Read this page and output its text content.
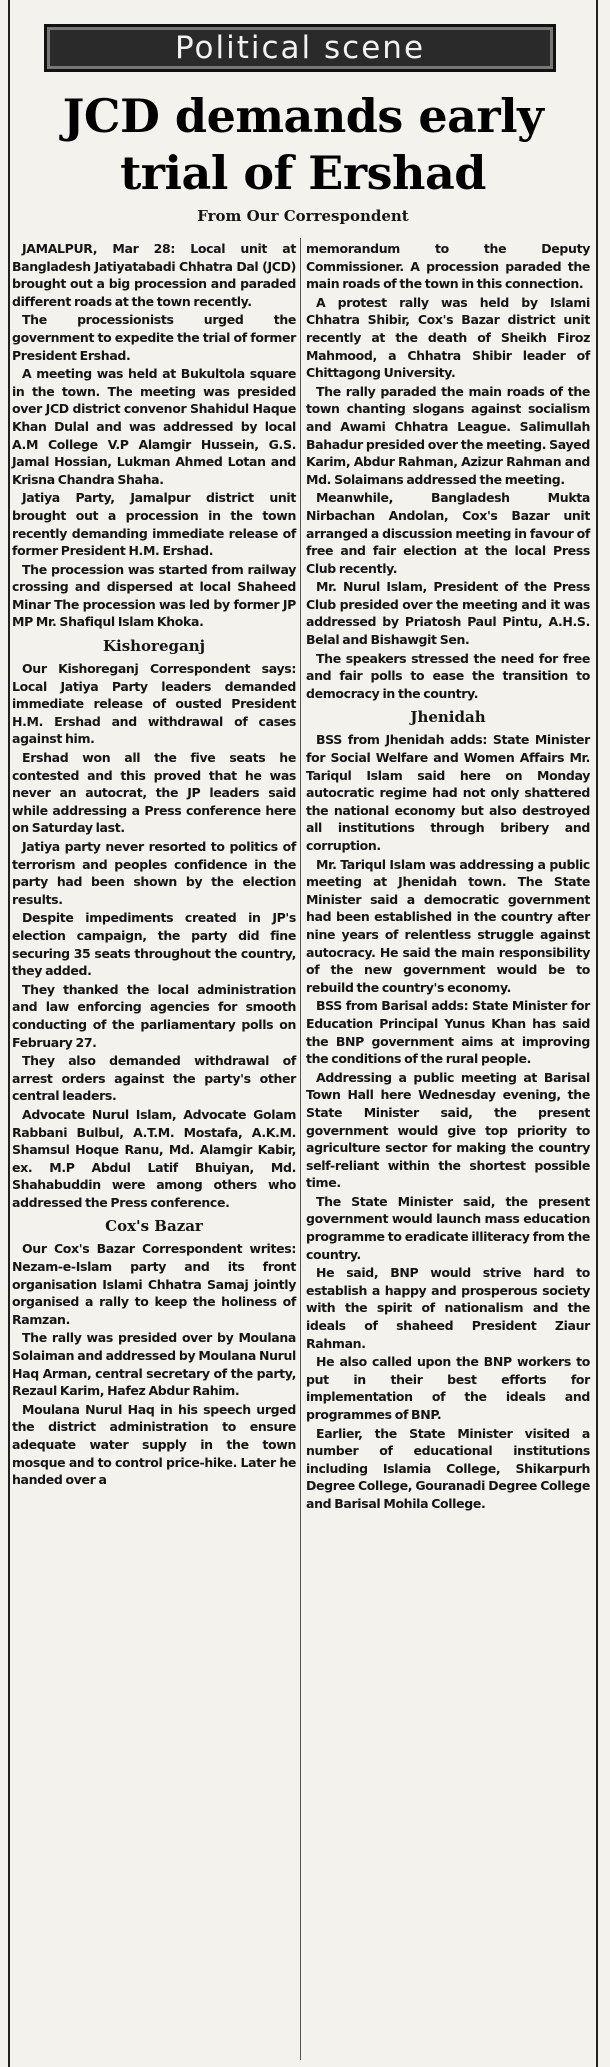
Political scene
JCD demands early trial of Ershad
From Our Correspondent

JAMALPUR, Mar 28: Local unit at Bangladesh Jatiyatabadi Chhatra Dal (JCD) brought out a big procession and paraded different roads at the town recently.

The processionists urged the government to expedite the trial of former President Ershad.

A meeting was held at Bukultola square in the town. The meeting was presided over JCD district convenor Shahidul Haque Khan Dulal and was addressed by local A.M College V.P Alamgir Hussein, G.S. Jamal Hossian, Lukman Ahmed Lotan and Krisna Chandra Shaha.

Jatiya Party, Jamalpur district unit brought out a procession in the town recently demanding immediate release of former President H.M. Ershad.

The procession was started from railway crossing and dispersed at local Shaheed Minar The procession was led by former JP MP Mr. Shafiqul Islam Khoka.

Kishoreganj

Our Kishoreganj Correspondent says: Local Jatiya Party leaders demanded immediate release of ousted President H.M. Ershad and withdrawal of cases against him.

Ershad won all the five seats he contested and this proved that he was never an autocrat, the JP leaders said while addressing a Press conference here on Saturday last.

Jatiya party never resorted to politics of terrorism and peoples confidence in the party had been shown by the election results.

Despite impediments created in JP's election campaign, the party did fine securing 35 seats throughout the country, they added.

They thanked the local administration and law enforcing agencies for smooth conducting of the parliamentary polls on February 27.

They also demanded withdrawal of arrest orders against the party's other central leaders.

Advocate Nurul Islam, Advocate Golam Rabbani Bulbul, A.T.M. Mostafa, A.K.M. Shamsul Hoque Ranu, Md. Alamgir Kabir, ex. M.P Abdul Latif Bhuiyan, Md. Shahabuddin were among others who addressed the Press conference.

Cox's Bazar

Our Cox's Bazar Correspondent writes: Nezam-e-Islam party and its front organisation Islami Chhatra Samaj jointly organised a rally to keep the holiness of Ramzan.

The rally was presided over by Moulana Solaiman and addressed by Moulana Nurul Haq Arman, central secretary of the party, Rezaul Karim, Hafez Abdur Rahim.

Moulana Nurul Haq in his speech urged the district administration to ensure adequate water supply in the town mosque and to control price-hike. Later he handed over a

memorandum to the Deputy Commissioner. A procession paraded the main roads of the town in this connection.

A protest rally was held by Islami Chhatra Shibir, Cox's Bazar district unit recently at the death of Sheikh Firoz Mahmood, a Chhatra Shibir leader of Chittagong University.

The rally paraded the main roads of the town chanting slogans against socialism and Awami Chhatra League. Salimullah Bahadur presided over the meeting. Sayed Karim, Abdur Rahman, Azizur Rahman and Md. Solaimans addressed the meeting.

Meanwhile, Bangladesh Mukta Nirbachan Andolan, Cox's Bazar unit arranged a discussion meeting in favour of free and fair election at the local Press Club recently.

Mr. Nurul Islam, President of the Press Club presided over the meeting and it was addressed by Priatosh Paul Pintu, A.H.S. Belal and Bishawgit Sen.

The speakers stressed the need for free and fair polls to ease the transition to democracy in the country.

Jhenidah

BSS from Jhenidah adds: State Minister for Social Welfare and Women Affairs Mr. Tariqul Islam said here on Monday autocratic regime had not only shattered the national economy but also destroyed all institutions through bribery and corruption.

Mr. Tariqul Islam was addressing a public meeting at Jhenidah town. The State Minister said a democratic government had been established in the country after nine years of relentless struggle against autocracy. He said the main responsibility of the new government would be to rebuild the country's economy.

BSS from Barisal adds: State Minister for Education Principal Yunus Khan has said the BNP government aims at improving the conditions of the rural people.

Addressing a public meeting at Barisal Town Hall here Wednesday evening, the State Minister said, the present government would give top priority to agriculture sector for making the country self-reliant within the shortest possible time.

The State Minister said, the present government would launch mass education programme to eradicate illiteracy from the country.

He said, BNP would strive hard to establish a happy and prosperous society with the spirit of nationalism and the ideals of shaheed President Ziaur Rahman.

He also called upon the BNP workers to put in their best efforts for implementation of the ideals and programmes of BNP.

Earlier, the State Minister visited a number of educational institutions including Islamia College, Shikarpurh Degree College, Gouranadi Degree College and Barisal Mohila College.
